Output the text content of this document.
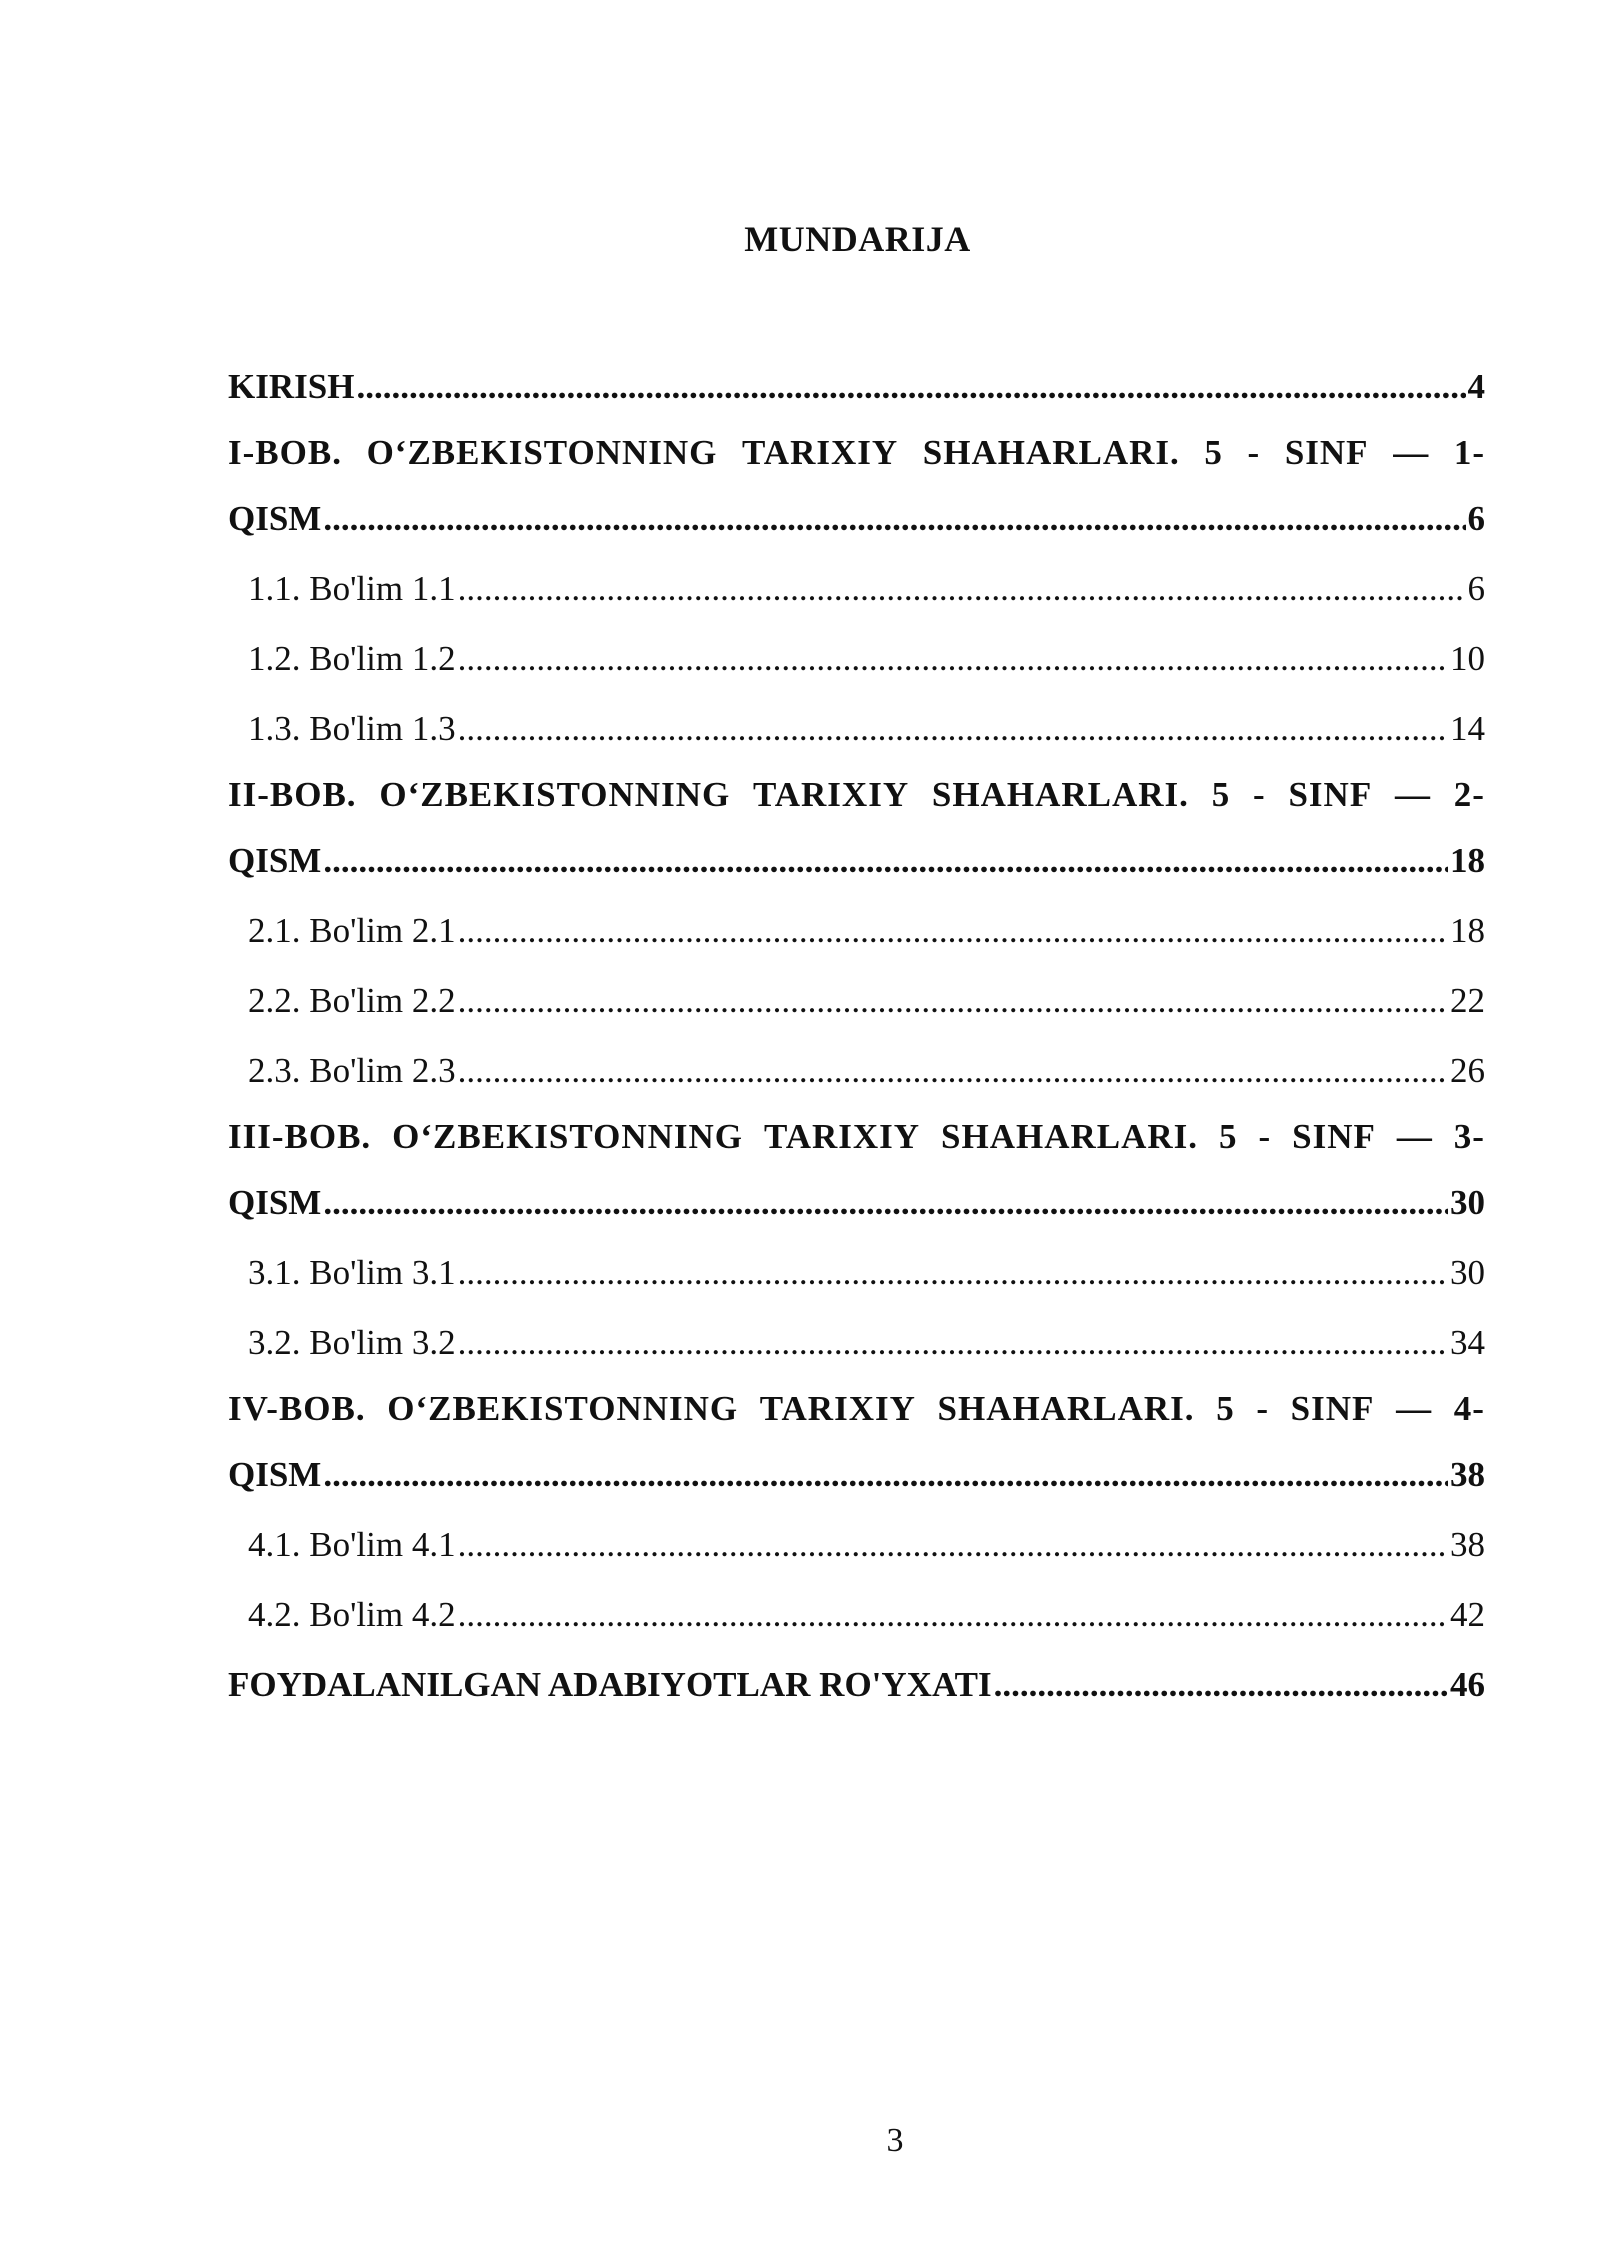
MUNDARIJA
KIRISH .....	4
I-BOB. O‘ZBEKISTONNING TARIXIY SHAHARLARI. 5 - SINF — 1-
QISM .....	6
1.1. Bo'lim 1.1 .....	6
1.2. Bo'lim 1.2 .....	10
1.3. Bo'lim 1.3 .....	14
II-BOB. O‘ZBEKISTONNING TARIXIY SHAHARLARI. 5 - SINF — 2-
QISM .....	18
2.1. Bo'lim 2.1 .....	18
2.2. Bo'lim 2.2 .....	22
2.3. Bo'lim 2.3 .....	26
III-BOB. O‘ZBEKISTONNING TARIXIY SHAHARLARI. 5 - SINF — 3-
QISM .....	30
3.1. Bo'lim 3.1 .....	30
3.2. Bo'lim 3.2 .....	34
IV-BOB. O‘ZBEKISTONNING TARIXIY SHAHARLARI. 5 - SINF — 4-
QISM .....	38
4.1. Bo'lim 4.1 .....	38
4.2. Bo'lim 4.2 .....	42
FOYDALANILGAN ADABIYOTLAR RO'YXATI .....	46
3
